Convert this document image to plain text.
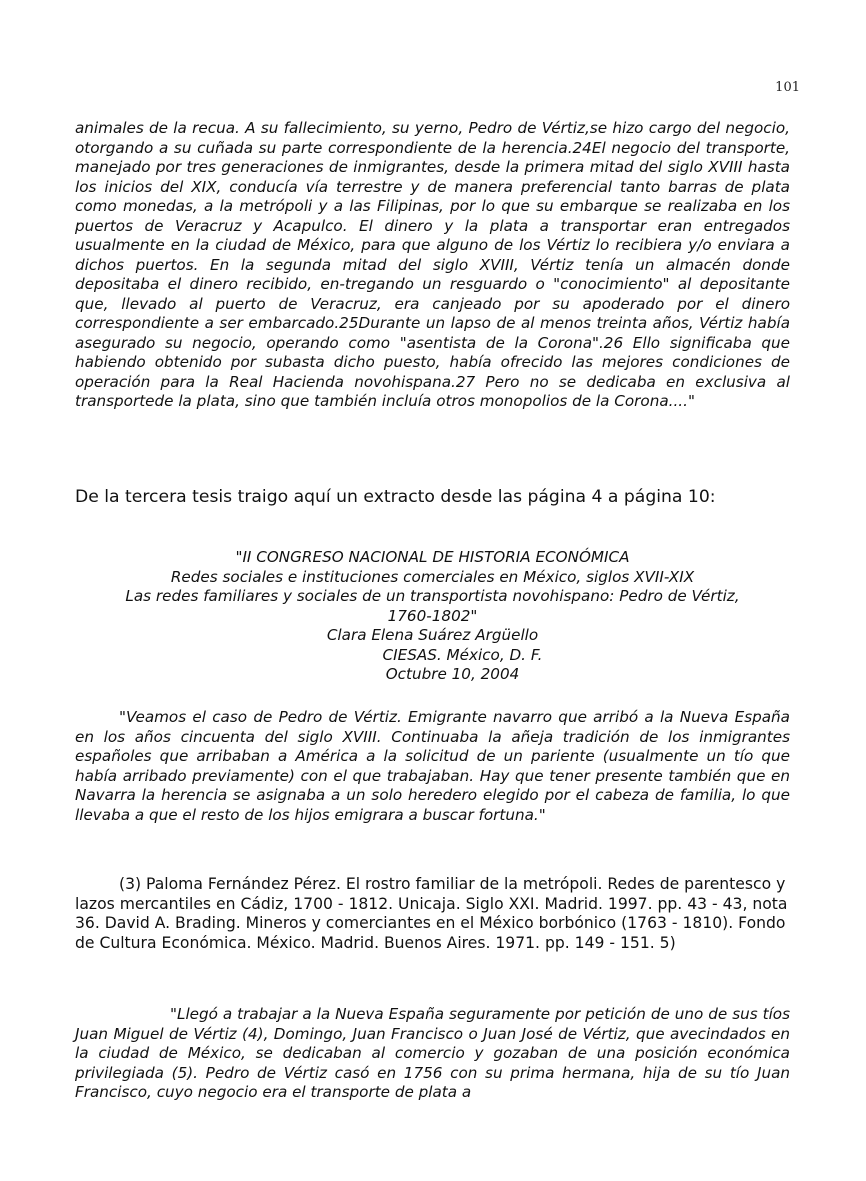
101

animales de la recua. A su fallecimiento, su yerno, Pedro de Vértiz,se hizo cargo del negocio, otorgando a su cuñada su parte correspondiente de la herencia.24El negocio del transporte, manejado por tres generaciones de inmigrantes, desde la primera mitad del siglo XVIII hasta los inicios del XIX, conducía vía terrestre y de manera preferencial tanto barras de plata como monedas, a la metrópoli y a las Filipinas, por lo que su embarque se realizaba en los puertos de Veracruz y Acapulco. El dinero y la plata a transportar eran entregados usualmente en la ciudad de México, para que alguno de los Vértiz lo recibiera y/o enviara a dichos puertos. En la segunda mitad del siglo XVIII, Vértiz tenía un almacén donde depositaba el dinero recibido, en-tregando un resguardo o "conocimiento" al depositante que, llevado al puerto de Veracruz, era canjeado por su apoderado por el dinero correspondiente a ser embarcado.25Durante un lapso de al menos treinta años, Vértiz había asegurado su negocio, operando como "asentista de la Corona".26 Ello significaba que habiendo obtenido por subasta dicho puesto, había ofrecido las mejores condiciones de operación para la Real Hacienda novohispana.27 Pero no se dedicaba en exclusiva al transportede la plata, sino que también incluía otros monopolios de la Corona...."

De la tercera tesis traigo aquí un extracto desde las página 4 a página 10:

"II CONGRESO NACIONAL DE HISTORIA ECONÓMICA
Redes sociales e instituciones comerciales en México, siglos XVII-XIX
Las redes familiares y sociales de un transportista novohispano: Pedro de Vértiz,
1760-1802"
Clara Elena Suárez Argüello
CIESAS. México, D. F.
Octubre 10, 2004

"Veamos el caso de Pedro de Vértiz. Emigrante navarro que arribó a la Nueva España en los años cincuenta del siglo XVIII. Continuaba la añeja tradición de los inmigrantes españoles que arribaban a América a la solicitud de un pariente (usualmente un tío que había arribado previamente) con el que trabajaban. Hay que tener presente también que en Navarra la herencia se asignaba a un solo heredero elegido por el cabeza de familia, lo que llevaba a que el resto de los hijos emigrara a buscar fortuna."

(3) Paloma Fernández Pérez. El rostro familiar de la metrópoli. Redes de parentesco y lazos mercantiles en Cádiz, 1700 - 1812. Unicaja. Siglo XXI. Madrid. 1997. pp. 43 - 43, nota 36. David A. Brading. Mineros y comerciantes en el México borbónico (1763 - 1810). Fondo de Cultura Económica. México. Madrid. Buenos Aires. 1971. pp. 149 - 151. 5)

"Llegó a trabajar a la Nueva España seguramente por petición de uno de sus tíos Juan Miguel de Vértiz (4), Domingo, Juan Francisco o Juan José de Vértiz, que avecindados en la ciudad de México, se dedicaban al comercio y gozaban de una posición económica privilegiada (5). Pedro de Vértiz casó en 1756 con su prima hermana, hija de su tío Juan Francisco, cuyo negocio era el transporte de plata a
